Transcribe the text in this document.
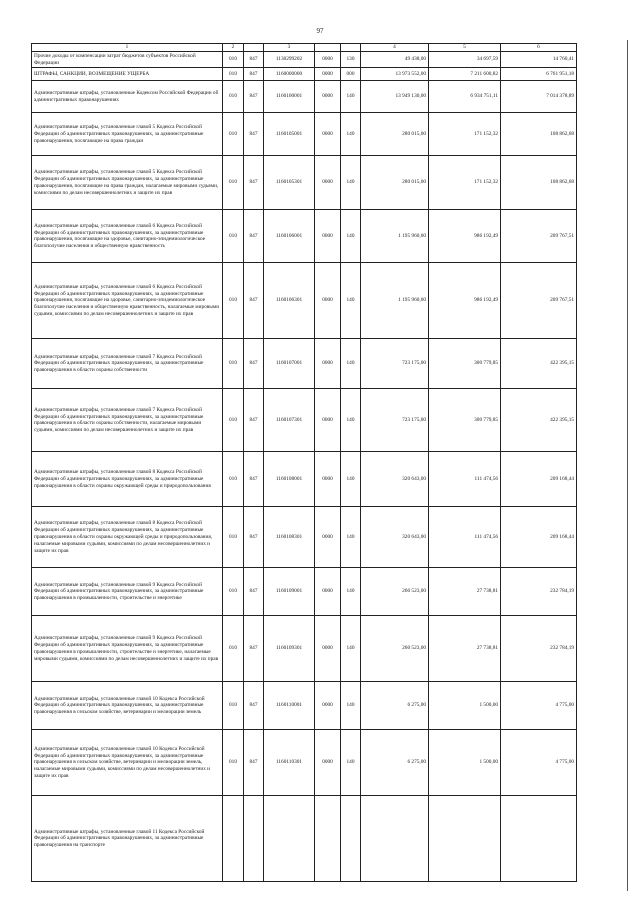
97
1	2		3			4	5	6
Прочие доходы от компенсации затрат бюджетов субъектов Российской Федерации	010	847	1130299202	0000	130	49 438,00	34 697,59	14 760,41
ШТРАФЫ, САНКЦИИ, ВОЗМЕЩЕНИЕ УЩЕРБА	010	847	1160000000	0000	000	13 973 552,00	7 211 600,82	6 761 951,18
Административные штрафы, установленные Кодексом Российской Федерации об административных правонарушениях	010	847	1160100001	0000	140	13 949 130,00	6 934 751,11	7 014 378,89
Административные штрафы, установленные главой 5 Кодекса Российской Федерации об административных правонарушениях, за административные правонарушения, посягающие на права граждан	010	847	1160105001	0000	140	280 015,00	171 152,32	108 862,68
Административные штрафы, установленные главой 5 Кодекса Российской Федерации об административных правонарушениях, за административные правонарушения, посягающие на права граждан, налагаемые мировыми судьями, комиссиями по делам несовершеннолетних и защите их прав	010	847	1160105301	0000	140	280 015,00	171 152,32	108 862,68
Административные штрафы, установленные главой 6 Кодекса Российской Федерации об административных правонарушениях, за административные правонарушения, посягающие на здоровье, санитарно-эпидемиологическое благополучие населения и общественную нравственность	010	847	1160106001	0000	140	1 195 960,00	986 192,49	209 767,51
Административные штрафы, установленные главой 6 Кодекса Российской Федерации об административных правонарушениях, за административные правонарушения, посягающие на здоровье, санитарно-эпидемиологическое благополучие населения и общественную нравственность, налагаемые мировыми судьями, комиссиями по делам несовершеннолетних и защите их прав	010	847	1160106301	0000	140	1 195 960,00	986 192,49	209 767,51
Административные штрафы, установленные главой 7 Кодекса Российской Федерации об административных правонарушениях, за административные правонарушения в области охраны собственности	010	847	1160107001	0000	140	723 175,00	300 779,85	422 395,15
Административные штрафы, установленные главой 7 Кодекса Российской Федерации об административных правонарушениях, за административные правонарушения в области охраны собственности, налагаемые мировыми судьями, комиссиями по делам несовершеннолетних и защите их прав	010	847	1160107301	0000	140	723 175,00	300 779,85	422 395,15
Административные штрафы, установленные главой 8 Кодекса Российской Федерации об административных правонарушениях, за административные правонарушения в области охраны окружающей среды и природопользования	010	847	1160108001	0000	140	320 643,00	111 474,56	209 168,44
Административные штрафы, установленные главой 8 Кодекса Российской Федерации об административных правонарушениях, за административные правонарушения в области охраны окружающей среды и природопользования, налагаемые мировыми судьями, комиссиями по делам несовершеннолетних и защите их прав	010	847	1160108301	0000	140	320 643,00	111 474,56	209 168,44
Административные штрафы, установленные главой 9 Кодекса Российской Федерации об административных правонарушениях, за административные правонарушения в промышленности, строительстве и энергетике	010	847	1160109001	0000	140	260 523,00	27 738,81	232 784,19
Административные штрафы, установленные главой 9 Кодекса Российской Федерации об административных правонарушениях, за административные правонарушения в промышленности, строительстве и энергетике, налагаемые мировыми судьями, комиссиями по делам несовершеннолетних и защите их прав	010	847	1160109301	0000	140	260 523,00	27 738,81	232 784,19
Административные штрафы, установленные главой 10 Кодекса Российской Федерации об административных правонарушениях, за административные правонарушения в сельском хозяйстве, ветеринарии и мелиорации земель	010	847	1160110001	0000	140	6 275,00	1 500,00	4 775,00
Административные штрафы, установленные главой 10 Кодекса Российской Федерации об административных правонарушениях, за административные правонарушения в сельском хозяйстве, ветеринарии и мелиорации земель, налагаемые мировыми судьями, комиссиями по делам несовершеннолетних и защите их прав	010	847	1160110301	0000	140	6 275,00	1 500,00	4 775,00
Административные штрафы, установленные главой 11 Кодекса Российской Федерации об административных правонарушениях, за административные правонарушения на транспорте								
